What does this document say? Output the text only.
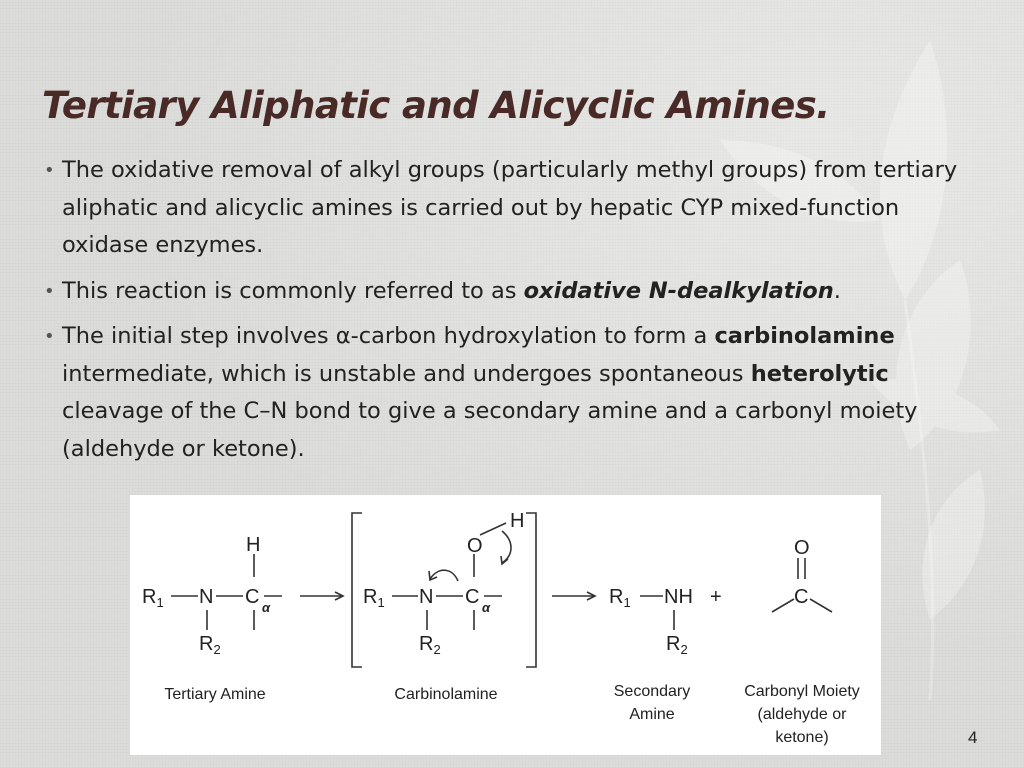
Tertiary Aliphatic and Alicyclic Amines.
• The oxidative removal of alkyl groups (particularly methyl groups) from tertiary aliphatic and alicyclic amines is carried out by hepatic CYP mixed-function oxidase enzymes.
• This reaction is commonly referred to as oxidative N-dealkylation.
• The initial step involves α-carbon hydroxylation to form a carbinolamine intermediate, which is unstable and undergoes spontaneous heterolytic cleavage of the C–N bond to give a secondary amine and a carbonyl moiety (aldehyde or ketone).
$R_1$ N C
H
$R_2$
α	$R_1$ N C
O
H
$R_2$
α	$R_1$ NH
$R_2$
+
O
C
Tertiary Amine	Carbinolamine	Secondary
Amine
Carbonyl Moiety
(aldehyde or
ketone)	4
